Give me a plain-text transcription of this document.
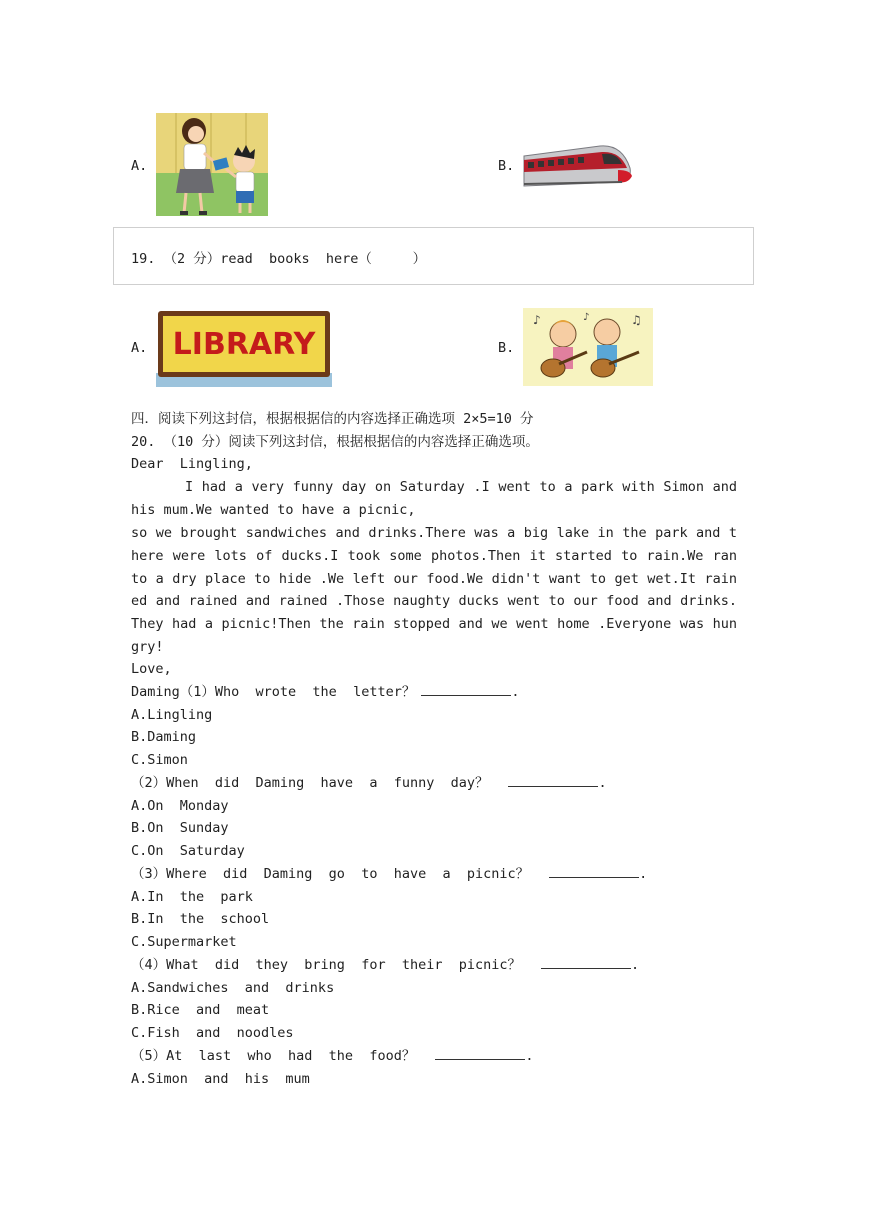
A.	B.
19. （2 分）read  books  here（     ）
A. LIBRARY	B.
♪	♫
♪
四．阅读下列这封信，根据根据信的内容选择正确选项 2×5=10 分
20. （10 分）阅读下列这封信，根据根据信的内容选择正确选项。
Dear  Lingling,
I had a very funny day on Saturday .I went to a park with Simon and his mum.We wanted to have a picnic,
so we brought sandwiches and drinks.There was a big lake in the park and there were lots of ducks.I took some photos.Then it started to rain.We ran to a dry place to hide .We left our food.We didn't want to get wet.It rained and rained and rained .Those naughty ducks went to our food and drinks.They had a picnic!Then the rain stopped and we went home .Everyone was hungry!
Love,
Daming（1）Who  wrote  the  letter？	.
A.Lingling
B.Daming
C.Simon
（2）When  did  Daming  have  a  funny  day？	.
A.On  Monday
B.On  Sunday
C.On  Saturday
（3）Where  did  Daming  go  to  have  a  picnic？	.
A.In  the  park
B.In  the  school
C.Supermarket
（4）What  did  they  bring  for  their  picnic？	.
A.Sandwiches  and  drinks
B.Rice  and  meat
C.Fish  and  noodles
（5）At  last  who  had  the  food？	.
A.Simon  and  his  mum
